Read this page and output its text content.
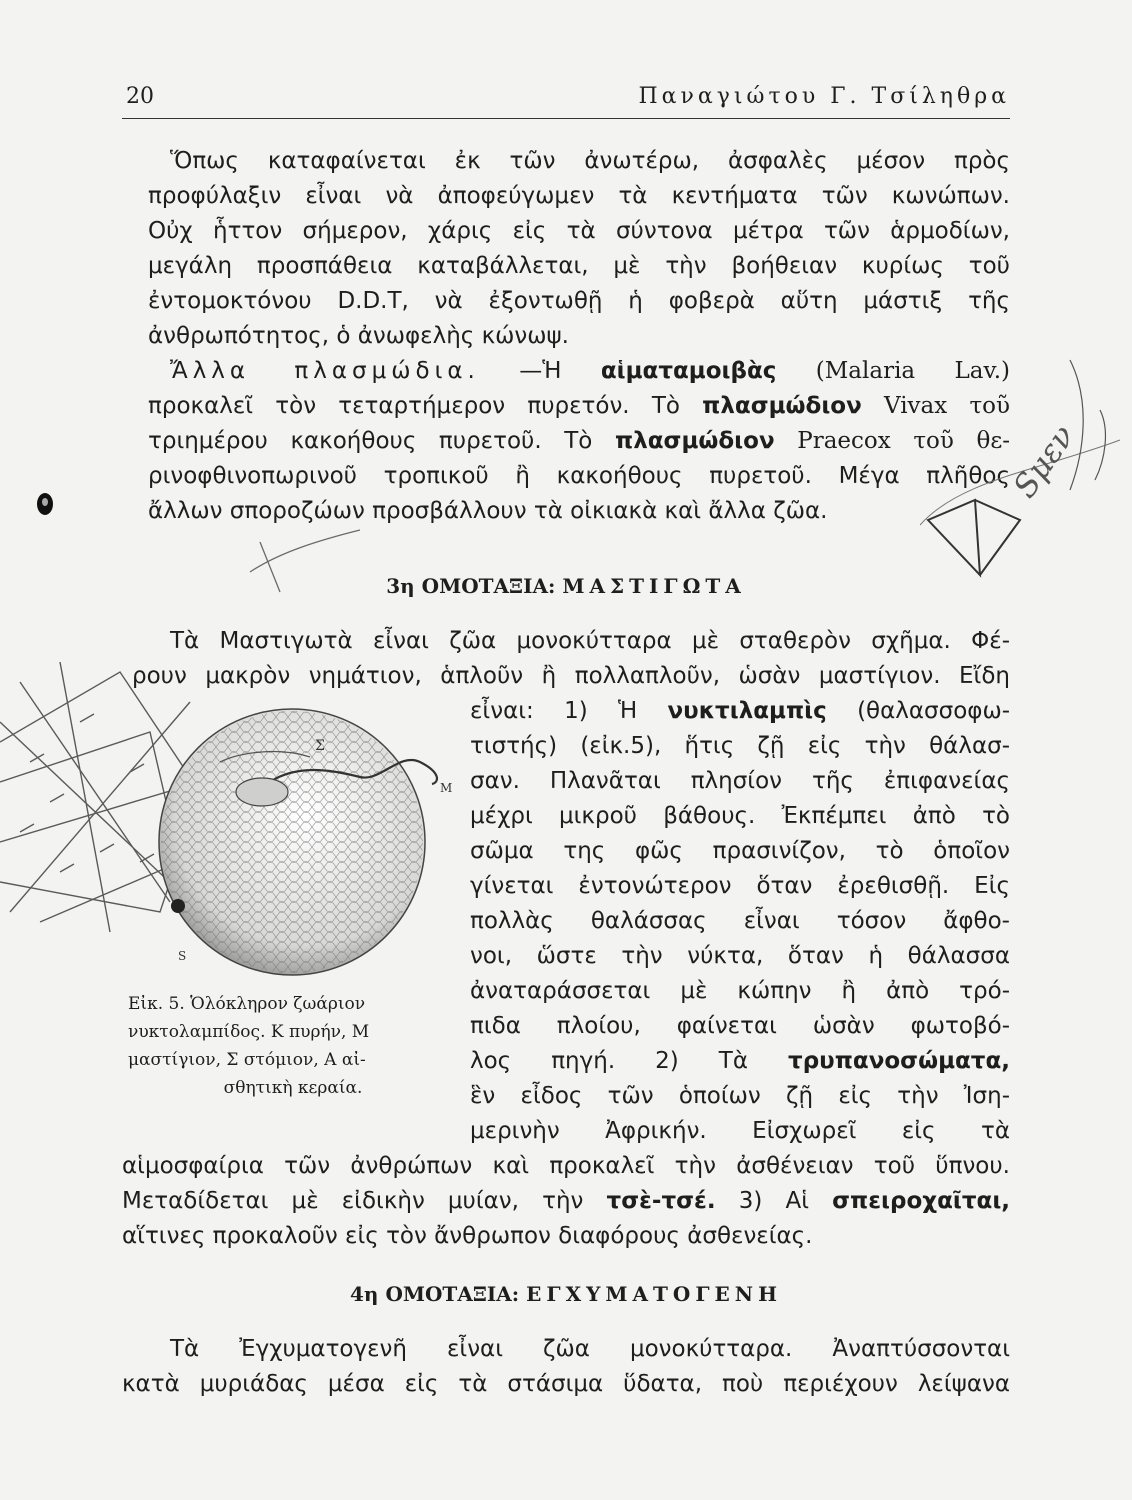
20	Παναγιώτου Γ. Τσίληθρα
Ὅπως καταφαίνεται ἐκ τῶν ἀνωτέρω, ἀσφαλὲς μέσον πρὸς
προφύλαξιν εἶναι νὰ ἀποφεύγωμεν τὰ κεντήματα τῶν κωνώπων.
Οὐχ ἧττον σήμερον, χάρις εἰς τὰ σύντονα μέτρα τῶν ἁρμοδίων,
μεγάλη προσπάθεια καταβάλλεται, μὲ τὴν βοήθειαν κυρίως τοῦ
ἐντομοκτόνου D.D.T, νὰ ἐξοντωθῇ ἡ φοβερὰ αὕτη μάστιξ τῆς
ἀνθρωπότητος, ὁ ἀνωφελὴς κώνωψ.
Ἄλλα πλασμώδια. —Ἡ αἱματαμοιβὰς (Malaria Lav.)
προκαλεῖ τὸν τεταρτήμερον πυρετόν. Τὸ πλασμώδιον Vivax τοῦ
τριημέρου κακοήθους πυρετοῦ. Τὸ πλασμώδιον Praecox τοῦ θε-
ρινοφθινοπωρινοῦ τροπικοῦ ἢ κακοήθους πυρετοῦ. Μέγα πλῆθος
ἄλλων σπορoζώων προσβάλλουν τὰ οἰκιακὰ καὶ ἄλλα ζῶα.
3η ΟΜΟΤΑΞΙΑ: ΜΑΣΤΙΓΩΤΑ
Τὰ Μαστιγωτὰ εἶναι ζῶα μονοκύτταρα μὲ σταθερὸν σχῆμα. Φέ-
ρουν μακρὸν νημάτιον, ἁπλοῦν ἢ πολλαπλοῦν, ὡσὰν μαστίγιον. Εἴδη
εἶναι: 1) Ἡ νυκτιλαμπὶς (θαλασσοφω-
τιστής) (εἰκ.5), ἥτις ζῇ εἰς τὴν θάλασ-
σαν. Πλανᾶται πλησίον τῆς ἐπιφανείας
μέχρι μικροῦ βάθους. Ἐκπέμπει ἀπὸ τὸ
σῶμα της φῶς πρασινίζον, τὸ ὁποῖον
γίνεται ἐντονώτερον ὅταν ἐρεθισθῇ. Εἰς
πολλὰς θαλάσσας εἶναι τόσον ἄφθο-
νοι, ὥστε τὴν νύκτα, ὅταν ἡ θάλασσα
ἀναταράσσεται μὲ κώπην ἢ ἀπὸ τρό-
πιδα πλοίου, φαίνεται ὡσὰν φωτοβό-
λος πηγή. 2) Τὰ τρυπανοσώματα,
ἓν εἶδος τῶν ὁποίων ζῇ εἰς τὴν Ἰση-
μερινὴν Ἀφρικήν. Εἰσχωρεῖ εἰς τὰ
αἱμοσφαίρια τῶν ἀνθρώπων καὶ προκαλεῖ τὴν ἀσθένειαν τοῦ ὕπνου.
Μεταδίδεται μὲ εἰδικὴν μυίαν, τὴν τσὲ-τσέ. 3) Αἱ σπειροχαῖται,
αἵτινες προκαλοῦν εἰς τὸν ἄνθρωπον διαφόρους ἀσθενείας.
4η ΟΜΟΤΑΞΙΑ: ΕΓΧΥΜΑΤΟΓΕΝΗ
Τὰ Ἐγχυματογενῆ εἶναι ζῶα μονοκύτταρα. Ἀναπτύσσονται
κατὰ μυριάδας μέσα εἰς τὰ στάσιμα ὕδατα, ποὺ περιέχουν λείψανα
Σ
Μ
S
Εἰκ. 5. Ὁλόκληρον ζωάριον
νυκτολαμπίδος. Κ πυρήν, Μ
μαστίγιον, Σ στόμιον, Α αἰ-
σθητικὴ κεραία.
Sμεν
